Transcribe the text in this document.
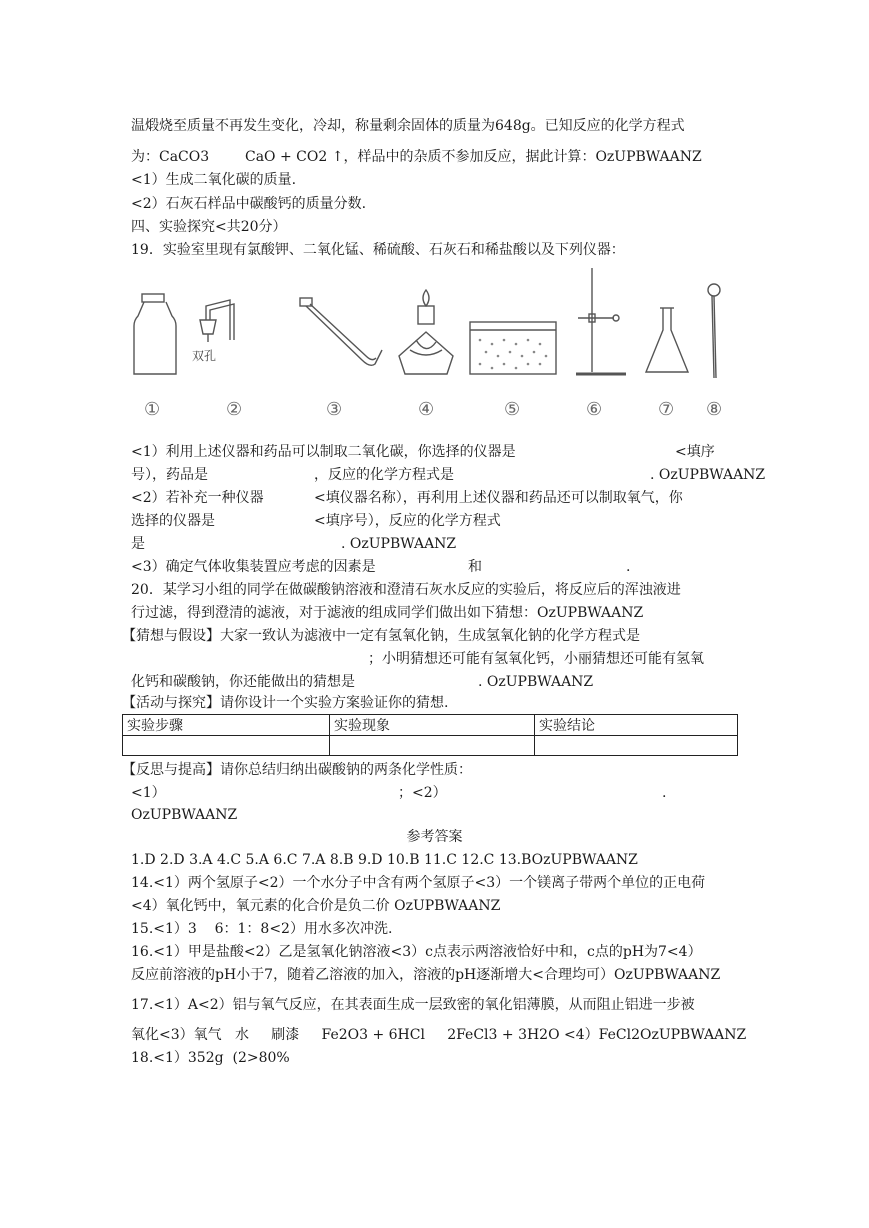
温煅烧至质量不再发生变化，冷却，称量剩余固体的质量为648g。已知反应的化学方程式
为：CaCO3	CaO + CO2 ↑，样品中的杂质不参加反应，据此计算：OzUPBWAANZ
<1）生成二氧化碳的质量.
<2）石灰石样品中碳酸钙的质量分数.
四、实验探究<共20分）
19．实验室里现有氯酸钾、二氧化锰、稀硫酸、石灰石和稀盐酸以及下列仪器：
双孔
①	②	③	④	⑤	⑥	⑦ ⑧
<1）利用上述仪器和药品可以制取二氧化碳，你选择的仪器是	<填序
号），药品是	，反应的化学方程式是	. OzUPBWAANZ
<2）若补充一种仪器	<填仪器名称），再利用上述仪器和药品还可以制取氧气，你
选择的仪器是	<填序号），反应的化学方程式
是	. OzUPBWAANZ
<3）确定气体收集装置应考虑的因素是	和	.
20．某学习小组的同学在做碳酸钠溶液和澄清石灰水反应的实验后，将反应后的浑浊液进
行过滤，得到澄清的滤液，对于滤液的组成同学们做出如下猜想：OzUPBWAANZ
【猜想与假设】大家一致认为滤液中一定有氢氧化钠，生成氢氧化钠的化学方程式是
；小明猜想还可能有氢氧化钙，小丽猜想还可能有氢氧
化钙和碳酸钠，你还能做出的猜想是	. OzUPBWAANZ
【活动与探究】请你设计一个实验方案验证你的猜想.
实验步骤	实验现象	实验结论

【反思与提高】请你总结归纳出碳酸钠的两条化学性质：
<1）	；<2）	.
OzUPBWAANZ
参考答案
1.D 2.D 3.A 4.C 5.A 6.C 7.A 8.B 9.D 10.B 11.C 12.C 13.BOzUPBWAANZ
14.<1）两个氢原子<2）一个水分子中含有两个氢原子<3）一个镁离子带两个单位的正电荷
<4）氧化钙中，氧元素的化合价是负二价 OzUPBWAANZ
15.<1）3    6：1：8<2）用水多次冲洗.
16.<1）甲是盐酸<2）乙是氢氧化钠溶液<3）c点表示两溶液恰好中和，c点的pH为7<4）
反应前溶液的pH小于7，随着乙溶液的加入，溶液的pH逐渐增大<合理均可）OzUPBWAANZ
17.<1）A<2）铝与氧气反应，在其表面生成一层致密的氧化铝薄膜，从而阻止铝进一步被
氧化<3）氧气   水     刷漆     Fe2O3 + 6HCl     2FeCl3 + 3H2O <4）FeCl2OzUPBWAANZ
18.<1）352g  (2>80%
